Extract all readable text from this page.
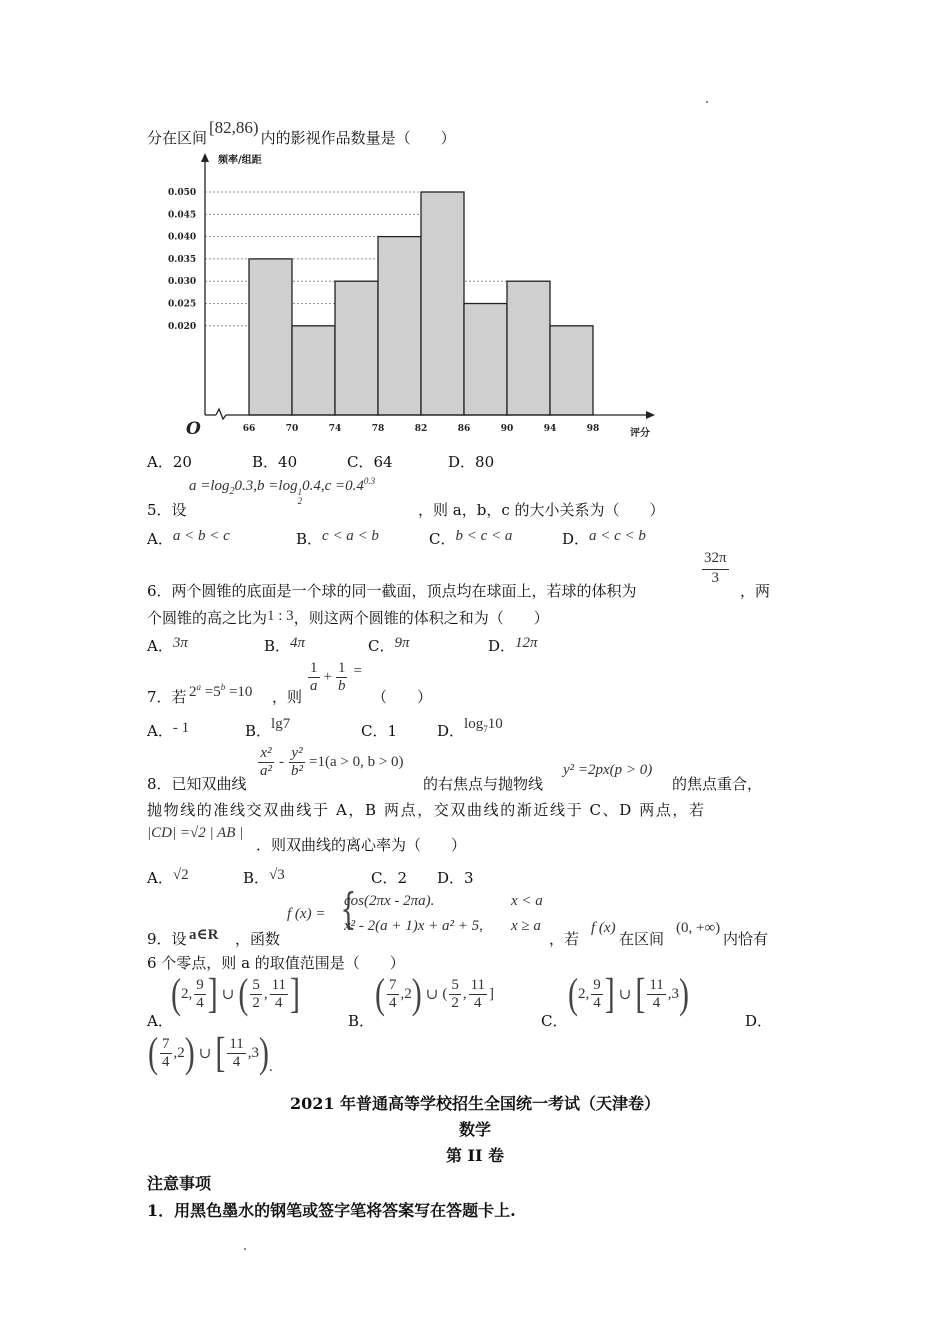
分在区间[82,86)内的影视作品数量是（　　）
0.020
0.025
0.030
0.035
0.040
0.045
0.050
66	70	74	78	82	86	90	94	98
频率/组距
评分
O
A．20	B．40	C．64	D．80
$a =\log_20.3,b =\log 1$
$20.4,c =0.4^{0.3}$
5．设	，则 a，b，c 的大小关系为（　　）
A．a < b < c	B．c < a < b	C．b < c < a	D．a < c < b
6．两个圆锥的底面是一个球的同一截面，顶点均在球面上，若球的体积为
$\frac{32\pi}{3}$
，两
个圆锥的高之比为1 : 3，则这两个圆锥的体积之和为（　　）
A．3π	B．4π	C．9π	D．12π
7．若 $2^a =5^b =10$ ，则
$\frac{1}{a} + \frac{1}{b}$ =
（　　）
A．- 1	B．lg7	C．1	D．$\log_710$
8．已知双曲线
$\frac{\text{x²}}{\text{a²}} - \frac{\text{y²}}{\text{b²}} =1(a > 0$, b > 0)
的右焦点与抛物线
y² =2px(p > 0)
的焦点重合，
抛物线的准线交双曲线于 A，B 两点，交双曲线的渐近线于 C、D 两点，若
|CD| =√2 | AB |
．则双曲线的离心率为（　　）
A．√2	B．√3	C．2 D．3
9．设 a∈R ，函数
f (x) = {
cos(2πx - 2πa).	x < a
x² - 2(a + 1)x + a² + 5, x ≥ a
，若
f (x)
在区间
(0, +∞)
内恰有
6 个零点，则 a 的取值范围是（　　）
A．
( 2, $\frac{9}{4}$ ] ∪ ( $\frac{5}{2}$ , $\frac{11}{4}$ ]
B．
( $\frac{7}{4} ,2$ ) ∪ ( $\frac{5}{2}$ , $\frac{11}{4}$ ]
C．
( 2, $\frac{9}{4}$ ] ∪ [ $\frac{11}{4} ,3$ )
D．
( $\frac{7}{4} ,2$ ) ∪ [ $\frac{11}{4} ,3$ ) .
2021 年普通高等学校招生全国统一考试（天津卷）
数学
第 II 卷
注意事项
1．用黑色墨水的钢笔或签字笔将答案写在答题卡上.
